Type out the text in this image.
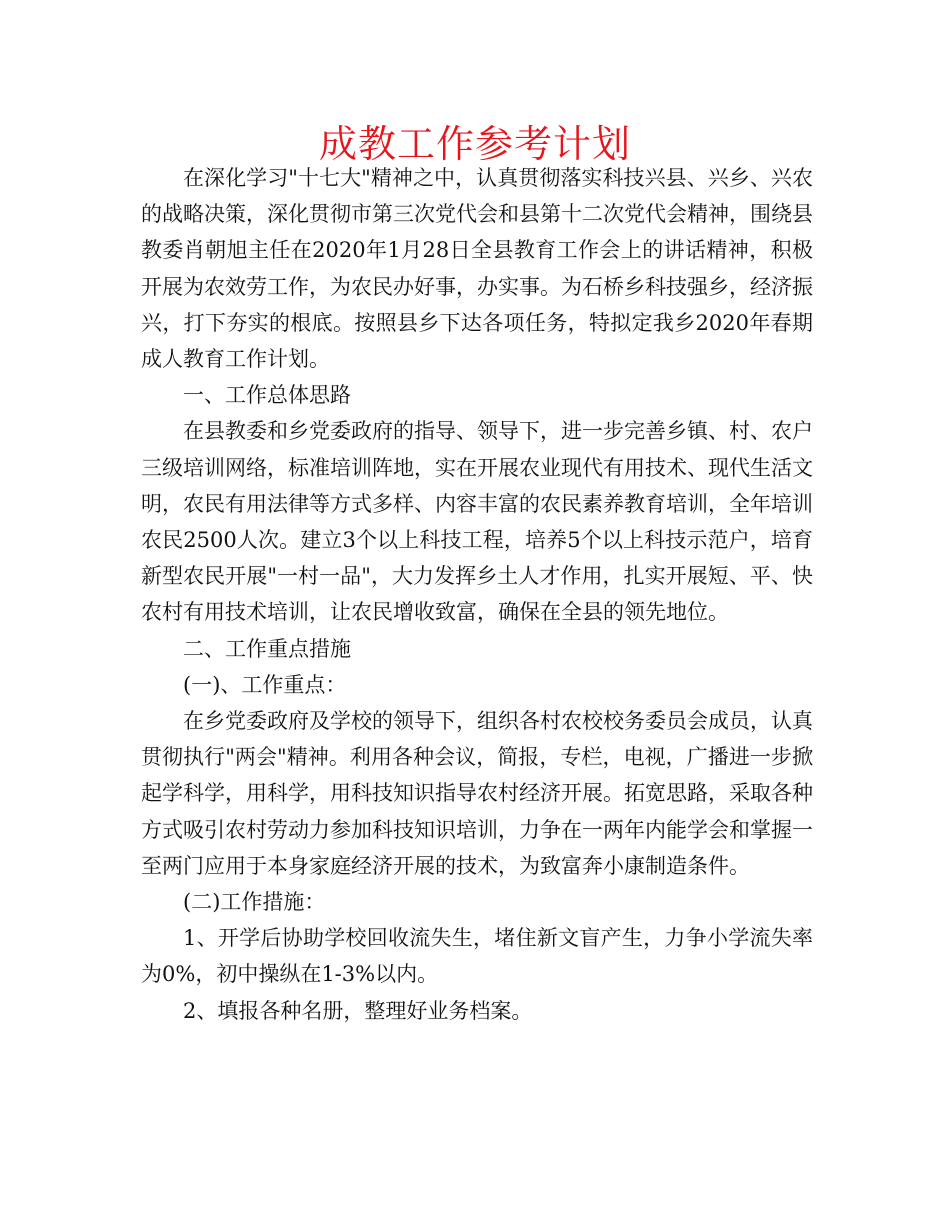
成教工作参考计划

在深化学习"十七大"精神之中，认真贯彻落实科技兴县、兴乡、兴农的战略决策，深化贯彻市第三次党代会和县第十二次党代会精神，围绕县教委肖朝旭主任在2020年1月28日全县教育工作会上的讲话精神，积极开展为农效劳工作，为农民办好事，办实事。为石桥乡科技强乡，经济振兴，打下夯实的根底。按照县乡下达各项任务，特拟定我乡2020年春期成人教育工作计划。

一、工作总体思路

在县教委和乡党委政府的指导、领导下，进一步完善乡镇、村、农户三级培训网络，标准培训阵地，实在开展农业现代有用技术、现代生活文明，农民有用法律等方式多样、内容丰富的农民素养教育培训，全年培训农民2500人次。建立3个以上科技工程，培养5个以上科技示范户，培育新型农民开展"一村一品"，大力发挥乡土人才作用，扎实开展短、平、快农村有用技术培训，让农民增收致富，确保在全县的领先地位。

二、工作重点措施

(一)、工作重点：

在乡党委政府及学校的领导下，组织各村农校校务委员会成员，认真贯彻执行"两会"精神。利用各种会议，简报，专栏，电视，广播进一步掀起学科学，用科学，用科技知识指导农村经济开展。拓宽思路，采取各种方式吸引农村劳动力参加科技知识培训，力争在一两年内能学会和掌握一至两门应用于本身家庭经济开展的技术，为致富奔小康制造条件。

(二)工作措施：

1、开学后协助学校回收流失生，堵住新文盲产生，力争小学流失率为0%，初中操纵在1-3%以内。

2、填报各种名册，整理好业务档案。
